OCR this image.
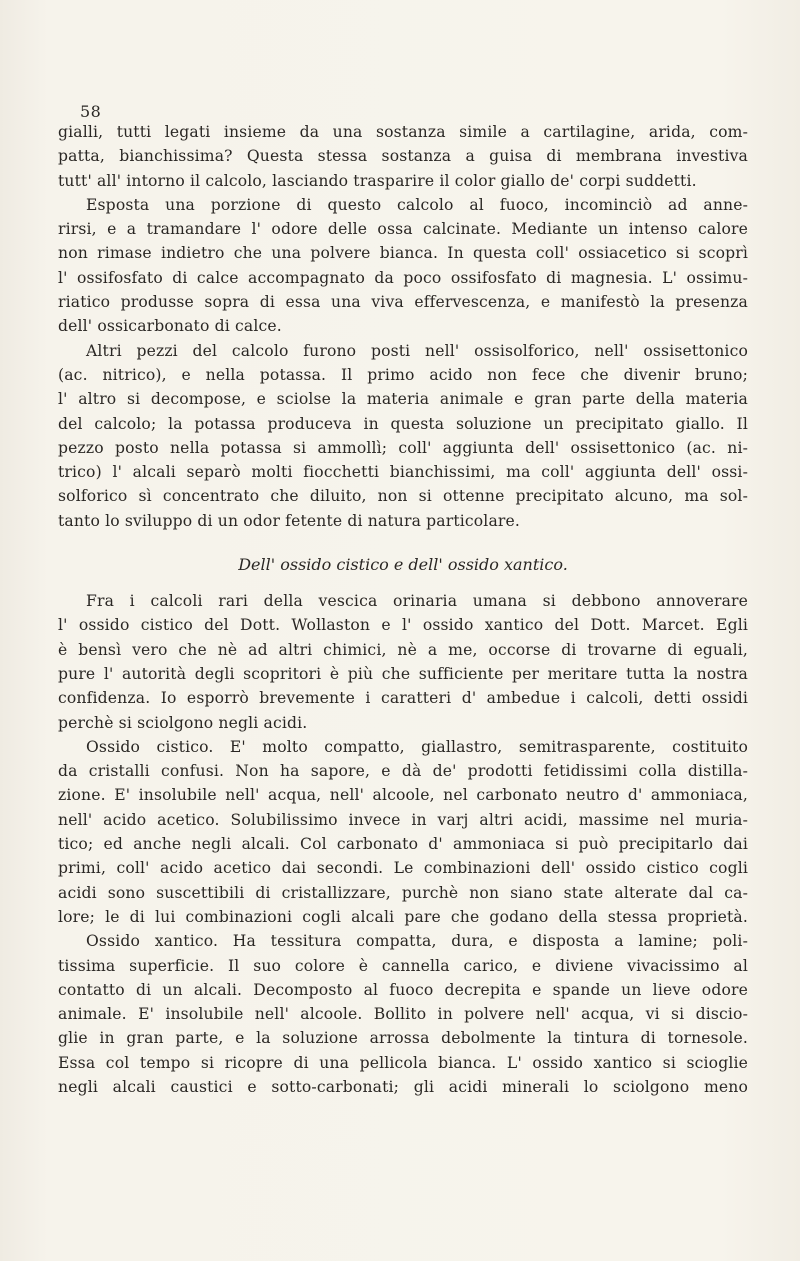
58
gialli, tutti legati insieme da una sostanza simile a cartilagine, arida, com-
patta, bianchissima? Questa stessa sostanza a guisa di membrana investiva
tutt' all' intorno il calcolo, lasciando trasparire il color giallo de' corpi suddetti.
Esposta una porzione di questo calcolo al fuoco, incominciò ad anne-
rirsi, e a tramandare l' odore delle ossa calcinate. Mediante un intenso calore
non rimase indietro che una polvere bianca. In questa coll' ossiacetico si scoprì
l' ossifosfato di calce accompagnato da poco ossifosfato di magnesia. L' ossimu-
riatico produsse sopra di essa una viva effervescenza, e manifestò la presenza
dell' ossicarbonato di calce.
Altri pezzi del calcolo furono posti nell' ossisolforico, nell' ossisettonico
(ac. nitrico), e nella potassa. Il primo acido non fece che divenir bruno;
l' altro si decompose, e sciolse la materia animale e gran parte della materia
del calcolo; la potassa produceva in questa soluzione un precipitato giallo. Il
pezzo posto nella potassa si ammollì; coll' aggiunta dell' ossisettonico (ac. ni-
trico) l' alcali separò molti fiocchetti bianchissimi, ma coll' aggiunta dell' ossi-
solforico sì concentrato che diluito, non si ottenne precipitato alcuno, ma sol-
tanto lo sviluppo di un odor fetente di natura particolare.
Dell' ossido cistico e dell' ossido xantico.
Fra i calcoli rari della vescica orinaria umana si debbono annoverare
l' ossido cistico del Dott. Wollaston e l' ossido xantico del Dott. Marcet. Egli
è bensì vero che nè ad altri chimici, nè a me, occorse di trovarne di eguali,
pure l' autorità degli scopritori è più che sufficiente per meritare tutta la nostra
confidenza. Io esporrò brevemente i caratteri d' ambedue i calcoli, detti ossidi
perchè si sciolgono negli acidi.
Ossido cistico. E' molto compatto, giallastro, semitrasparente, costituito
da cristalli confusi. Non ha sapore, e dà de' prodotti fetidissimi colla distilla-
zione. E' insolubile nell' acqua, nell' alcoole, nel carbonato neutro d' ammoniaca,
nell' acido acetico. Solubilissimo invece in varj altri acidi, massime nel muria-
tico; ed anche negli alcali. Col carbonato d' ammoniaca si può precipitarlo dai
primi, coll' acido acetico dai secondi. Le combinazioni dell' ossido cistico cogli
acidi sono suscettibili di cristallizzare, purchè non siano state alterate dal ca-
lore; le di lui combinazioni cogli alcali pare che godano della stessa proprietà.
Ossido xantico. Ha tessitura compatta, dura, e disposta a lamine; poli-
tissima superficie. Il suo colore è cannella carico, e diviene vivacissimo al
contatto di un alcali. Decomposto al fuoco decrepita e spande un lieve odore
animale. E' insolubile nell' alcoole. Bollito in polvere nell' acqua, vi si discio-
glie in gran parte, e la soluzione arrossa debolmente la tintura di tornesole.
Essa col tempo si ricopre di una pellicola bianca. L' ossido xantico si scioglie
negli alcali caustici e sotto-carbonati; gli acidi minerali lo sciolgono meno
